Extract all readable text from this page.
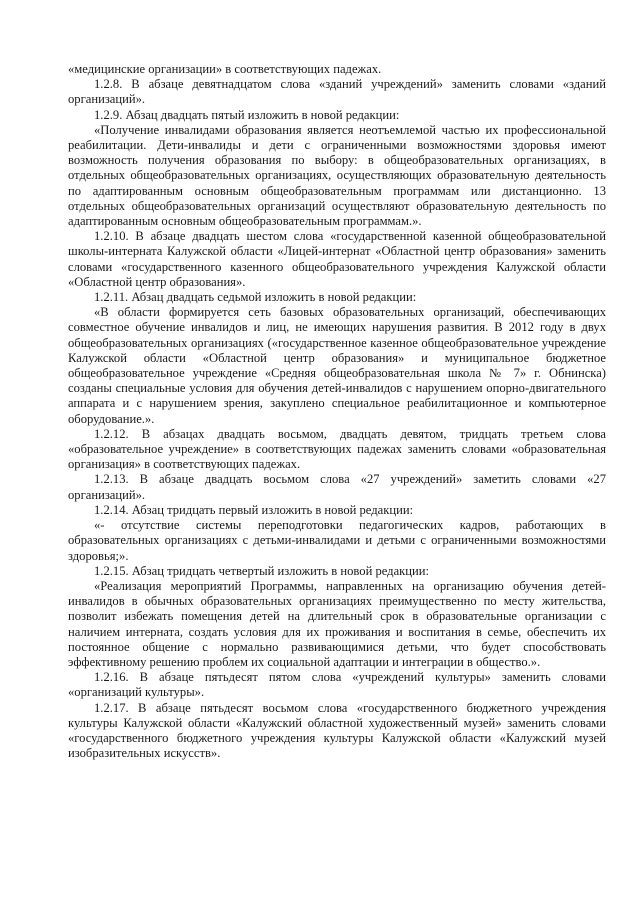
«медицинские организации» в соответствующих падежах.

1.2.8. В абзаце девятнадцатом слова «зданий учреждений» заменить словами «зданий организаций».

1.2.9. Абзац двадцать пятый изложить в новой редакции:

«Получение инвалидами образования является неотъемлемой частью их профессиональной реабилитации. Дети-инвалиды и дети с ограниченными возможностями здоровья имеют возможность получения образования по выбору: в общеобразовательных организациях, в отдельных общеобразовательных организациях, осуществляющих образовательную деятельность по адаптированным основным общеобразовательным программам или дистанционно. 13 отдельных общеобразовательных организаций осуществляют образовательную деятельность по адаптированным основным общеобразовательным программам.».

1.2.10. В абзаце двадцать шестом слова «государственной казенной общеобразовательной школы-интерната Калужской области «Лицей-интернат «Областной центр образования» заменить словами «государственного казенного общеобразовательного учреждения Калужской области «Областной центр образования».

1.2.11. Абзац двадцать седьмой изложить в новой редакции:

«В области формируется сеть базовых образовательных организаций, обеспечивающих совместное обучение инвалидов и лиц, не имеющих нарушения развития. В 2012 году в двух общеобразовательных организациях («государственное казенное общеобразовательное учреждение Калужской области «Областной центр образования» и муниципальное бюджетное общеобразовательное учреждение «Средняя общеобразовательная школа № 7» г. Обнинска) созданы специальные условия для обучения детей-инвалидов с нарушением опорно-двигательного аппарата и с нарушением зрения, закуплено специальное реабилитационное и компьютерное оборудование.».

1.2.12. В абзацах двадцать восьмом, двадцать девятом, тридцать третьем слова «образовательное учреждение» в соответствующих падежах заменить словами «образовательная организация» в соответствующих падежах.

1.2.13. В абзаце двадцать восьмом слова «27 учреждений» заметить словами «27 организаций».

1.2.14. Абзац тридцать первый изложить в новой редакции:

«- отсутствие системы переподготовки педагогических кадров, работающих в образовательных организациях с детьми-инвалидами и детьми с ограниченными возможностями здоровья;».

1.2.15. Абзац тридцать четвертый изложить в новой редакции:

«Реализация мероприятий Программы, направленных на организацию обучения детей-инвалидов в обычных образовательных организациях преимущественно по месту жительства, позволит избежать помещения детей на длительный срок в образовательные организации с наличием интерната, создать условия для их проживания и воспитания в семье, обеспечить их постоянное общение с нормально развивающимися детьми, что будет способствовать эффективному решению проблем их социальной адаптации и интеграции в общество.».

1.2.16. В абзаце пятьдесят пятом слова «учреждений культуры» заменить словами «организаций культуры».

1.2.17. В абзаце пятьдесят восьмом слова «государственного бюджетного учреждения культуры Калужской области «Калужский областной художественный музей» заменить словами «государственного бюджетного учреждения культуры Калужской области «Калужский музей изобразительных искусств».
